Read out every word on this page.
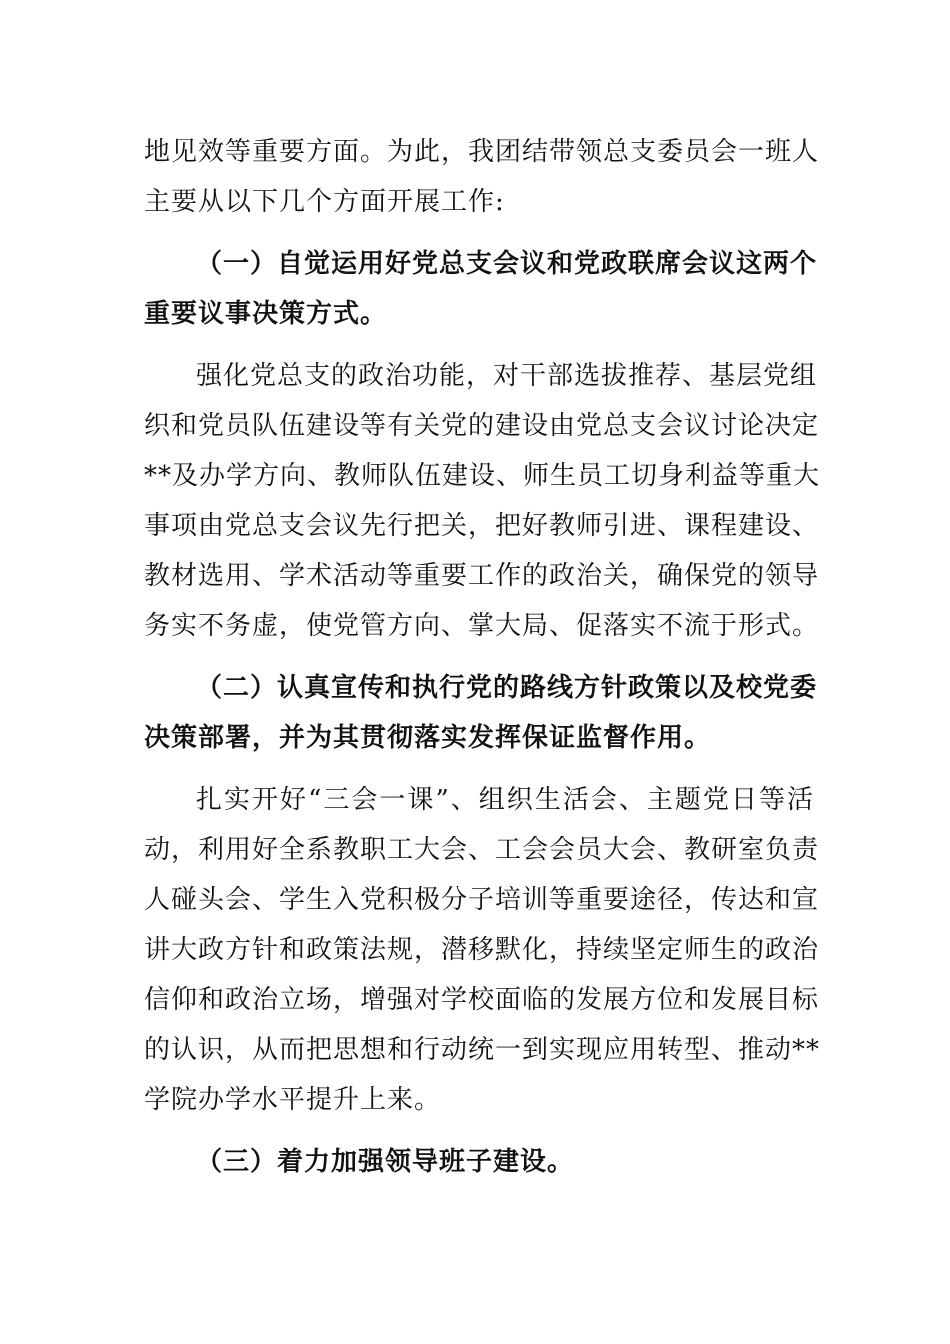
地见效等重要方面。为此，我团结带领总支委员会一班人
主要从以下几个方面开展工作:
（一）自觉运用好党总支会议和党政联席会议这两个
重要议事决策方式。
强化党总支的政治功能，对干部选拔推荐、基层党组
织和党员队伍建设等有关党的建设由党总支会议讨论决定
**及办学方向、教师队伍建设、师生员工切身利益等重大
事项由党总支会议先行把关，把好教师引进、课程建设、
教材选用、学术活动等重要工作的政治关，确保党的领导
务实不务虚，使党管方向、掌大局、促落实不流于形式。
（二）认真宣传和执行党的路线方针政策以及校党委
决策部署，并为其贯彻落实发挥保证监督作用。
扎实开好“三会一课”、组织生活会、主题党日等活
动，利用好全系教职工大会、工会会员大会、教研室负责
人碰头会、学生入党积极分子培训等重要途径，传达和宣
讲大政方针和政策法规，潜移默化，持续坚定师生的政治
信仰和政治立场，增强对学校面临的发展方位和发展目标
的认识，从而把思想和行动统一到实现应用转型、推动**
学院办学水平提升上来。
（三）着力加强领导班子建设。
